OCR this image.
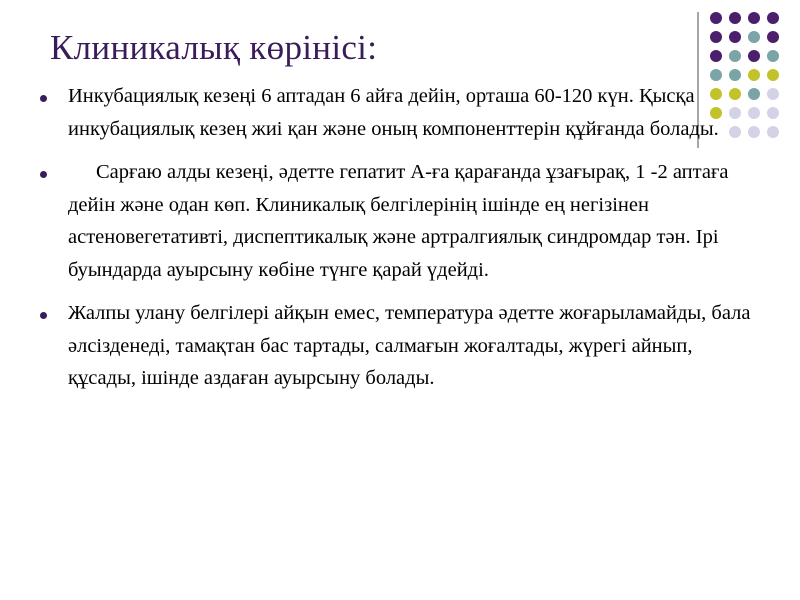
Клиникалық көрінісі:
Инкубациялық кезеңі 6 аптадан 6 айға дейін, орташа 60-120 күн. Қысқа инкубациялық кезең жиі қан және оның компоненттерін құйғанда болады.
Сарғаю алды кезеңі, әдетте гепатит А-ға қарағанда ұзағырақ, 1 -2 аптаға дейін және одан көп. Клиникалық белгілерінің ішінде ең негізінен астеновегетативті, диспептикалық және артралгиялық синдромдар тән. Ірі буындарда ауырсыну көбіне түнге қарай үдейді.
Жалпы улану белгілері айқын емес, температура әдетте жоғарыламайды, бала әлсізденеді, тамақтан бас тартады, салмағын жоғалтады, жүрегі айнып, құсады, ішінде аздаған ауырсыну болады.
